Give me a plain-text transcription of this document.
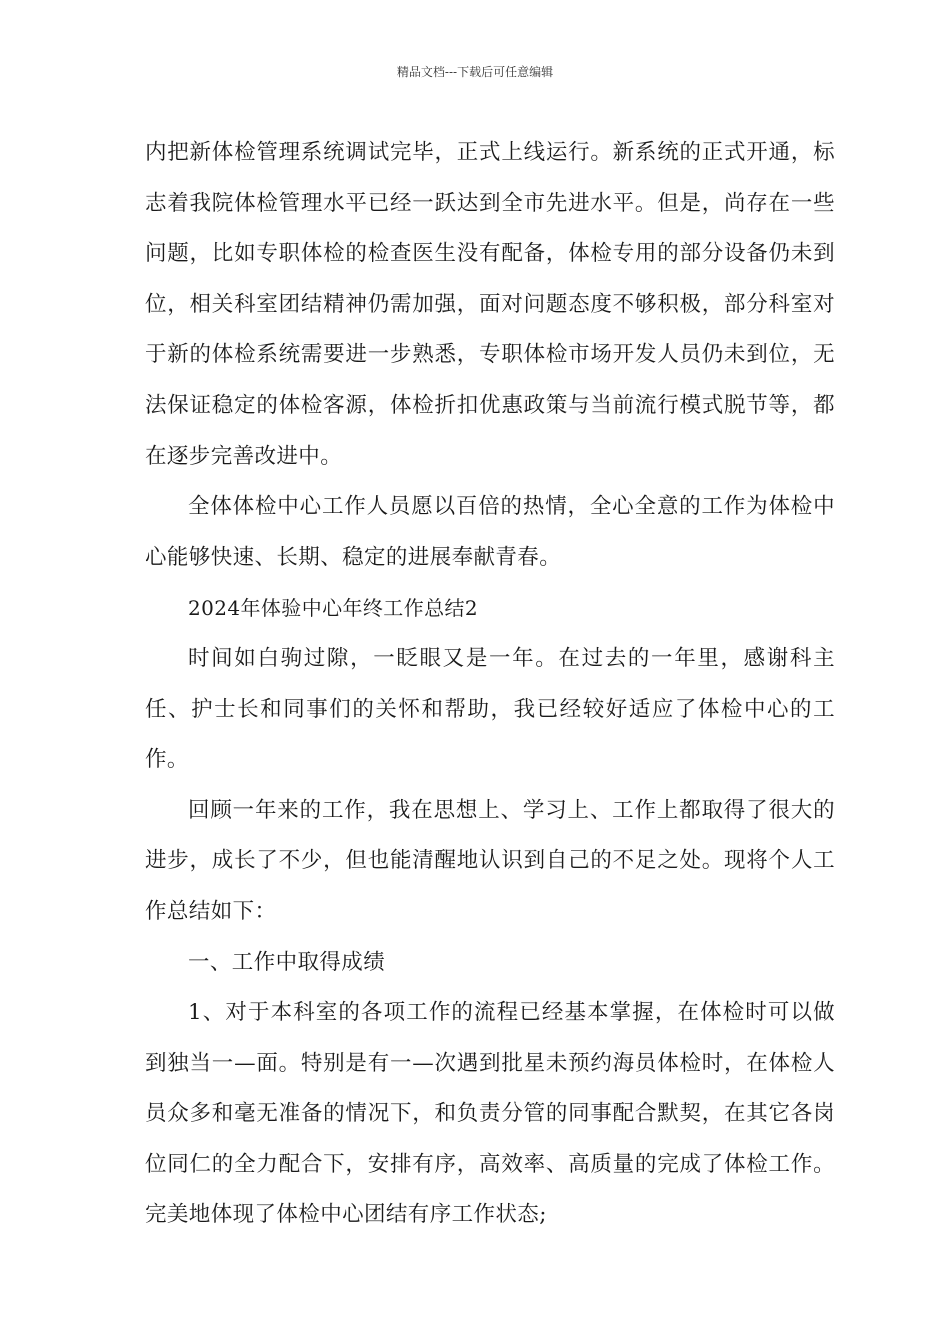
精品文档---下载后可任意编辑

内把新体检管理系统调试完毕，正式上线运行。新系统的正式开通，标志着我院体检管理水平已经一跃达到全市先进水平。但是，尚存在一些问题，比如专职体检的检查医生没有配备，体检专用的部分设备仍未到位，相关科室团结精神仍需加强，面对问题态度不够积极，部分科室对于新的体检系统需要进一步熟悉，专职体检市场开发人员仍未到位，无法保证稳定的体检客源，体检折扣优惠政策与当前流行模式脱节等，都在逐步完善改进中。

全体体检中心工作人员愿以百倍的热情，全心全意的工作为体检中心能够快速、长期、稳定的进展奉献青春。

2024年体验中心年终工作总结2

时间如白驹过隙，一眨眼又是一年。在过去的一年里，感谢科主任、护士长和同事们的关怀和帮助，我已经较好适应了体检中心的工作。

回顾一年来的工作，我在思想上、学习上、工作上都取得了很大的进步，成长了不少，但也能清醒地认识到自己的不足之处。现将个人工作总结如下：

一、工作中取得成绩

1、对于本科室的各项工作的流程已经基本掌握，在体检时可以做到独当一—面。特别是有一—次遇到批星未预约海员体检时，在体检人员众多和毫无准备的情况下，和负责分管的同事配合默契，在其它各岗位同仁的全力配合下，安排有序，高效率、高质量的完成了体检工作。完美地体现了体检中心团结有序工作状态;
